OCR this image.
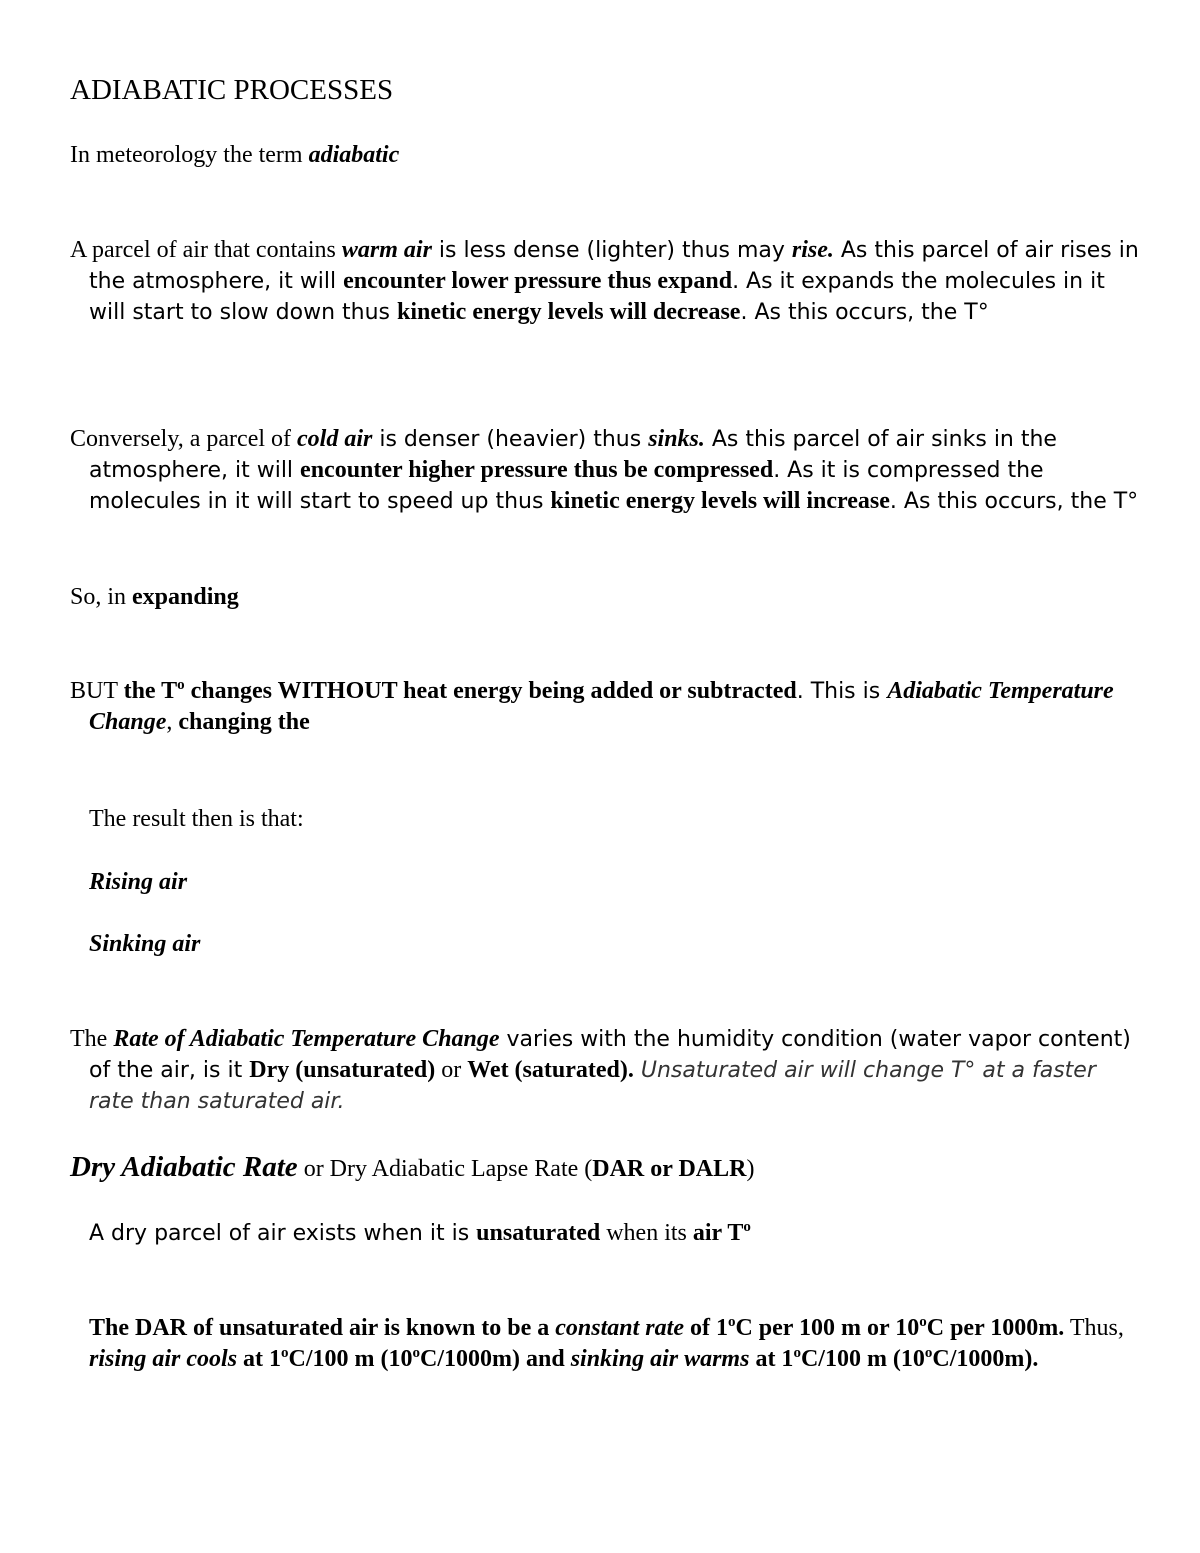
ADIABATIC PROCESSES

In meteorology the term adiabatic

A parcel of air that contains warm air is less dense (lighter) thus may rise. As this parcel of air rises in the atmosphere, it will encounter lower pressure thus expand. As it expands the molecules in it will start to slow down thus kinetic energy levels will decrease. As this occurs, the T°

Conversely, a parcel of cold air is denser (heavier) thus sinks. As this parcel of air sinks in the atmosphere, it will encounter higher pressure thus be compressed. As it is compressed the molecules in it will start to speed up thus kinetic energy levels will increase. As this occurs, the T°

So, in expanding

BUT the $T^o$ changes WITHOUT heat energy being added or subtracted. This is Adiabatic Temperature Change, changing the

The result then is that:

Rising air

Sinking air

The Rate of Adiabatic Temperature Change varies with the humidity condition (water vapor content) of the air, is it Dry (unsaturated) or Wet (saturated). Unsaturated air will change T° at a faster rate than saturated air.

Dry Adiabatic Rate or Dry Adiabatic Lapse Rate (DAR or DALR)

A dry parcel of air exists when it is unsaturated when its air $T^o$

The DAR of unsaturated air is known to be a constant rate of 1$^o$C per 100 m or 10$^o$C per 1000m. Thus, rising air cools at 1$^o$C/100 m (10$^o$C/1000m) and sinking air warms at 1$^o$C/100 m (10$^o$C/1000m).
